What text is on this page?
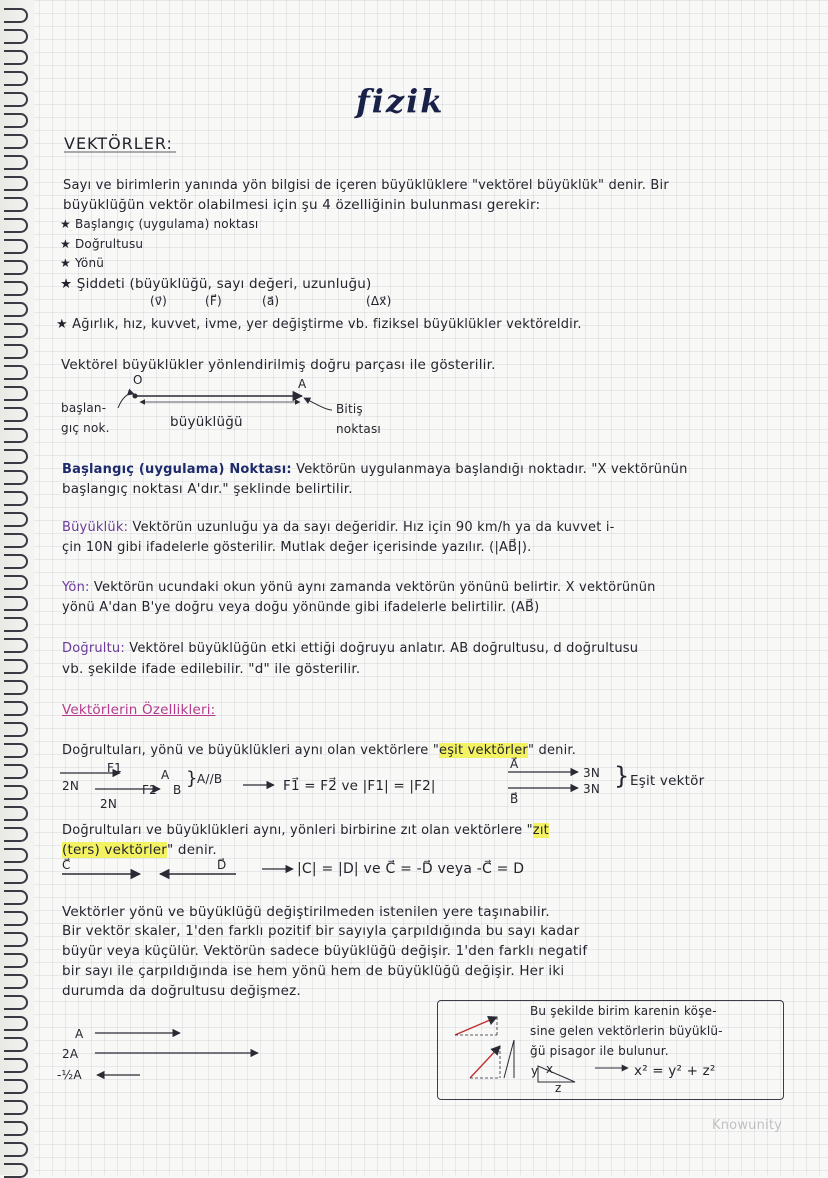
fizik
VEKTÖRLER:
Sayı ve birimlerin yanında yön bilgisi de içeren büyüklüklere "vektörel büyüklük" denir. Bir
büyüklüğün vektör olabilmesi için şu 4 özelliğinin bulunması gerekir:
★ Başlangıç (uygulama) noktası
★ Doğrultusu
★ Yönü
★ Şiddeti (büyüklüğü, sayı değeri, uzunluğu)
(v⃗)	(F⃗)	(a⃗)	(Δx⃗)
★ Ağırlık, hız, kuvvet, ivme, yer değiştirme vb. fiziksel büyüklükler vektöreldir.
Vektörel büyüklükler yönlendirilmiş doğru parçası ile gösterilir.
O	A
başlan-
gıç nok.	büyüklüğü
Bitiş
noktası
Başlangıç (uygulama) Noktası: Vektörün uygulanmaya başlandığı noktadır. "X vektörünün
başlangıç noktası A'dır." şeklinde belirtilir.
Büyüklük: Vektörün uzunluğu ya da sayı değeridir. Hız için 90 km/h ya da kuvvet i-
çin 10N gibi ifadelerle gösterilir. Mutlak değer içerisinde yazılır. (|AB⃗|).
Yön: Vektörün ucundaki okun yönü aynı zamanda vektörün yönünü belirtir. X vektörünün
yönü A'dan B'ye doğru veya doğu yönünde gibi ifadelerle belirtilir. (AB⃗)
Doğrultu: Vektörel büyüklüğün etki ettiği doğruyu anlatır. AB doğrultusu, d doğrultusu
vb. şekilde ifade edilebilir. "d" ile gösterilir.
Vektörlerin Özellikleri:
Doğrultuları, yönü ve büyüklükleri aynı olan vektörlere "eşit vektörler" denir.
F1
2N
A
F2 B
2N
} A//B	F1⃗ = F2⃗ ve |F1| = |F2|
A⃗
B⃗
3N
3N } Eşit vektör
Doğrultuları ve büyüklükleri aynı, yönleri birbirine zıt olan vektörlere "zıt
(ters) vektörler" denir.
C⃗	D⃗	|C| = |D| ve C⃗ = -D⃗ veya -C⃗ = D
Vektörler yönü ve büyüklüğü değiştirilmeden istenilen yere taşınabilir.
Bir vektör skaler, 1'den farklı pozitif bir sayıyla çarpıldığında bu sayı kadar
büyür veya küçülür. Vektörün sadece büyüklüğü değişir. 1'den farklı negatif
bir sayı ile çarpıldığında ise hem yönü hem de büyüklüğü değişir. Her iki
durumda da doğrultusu değişmez.
A
2A
-½A
Bu şekilde birim karenin köşe-
sine gelen vektörlerin büyüklü-
ğü pisagor ile bulunur.
y x
z
x² = y² + z²
Knowunity
